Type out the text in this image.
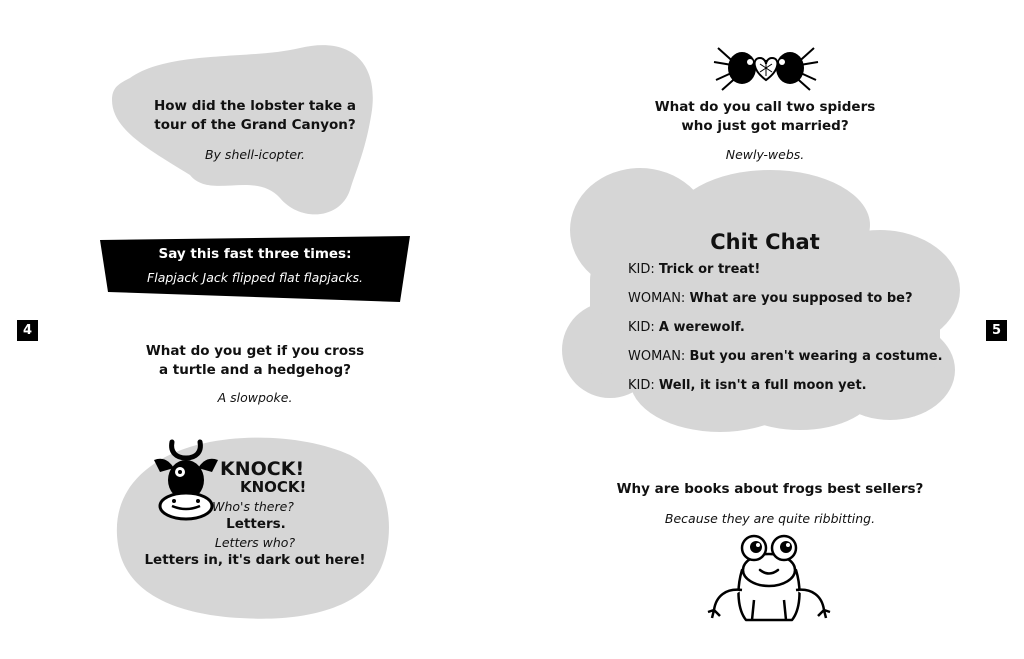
How did the lobster take a
tour of the Grand Canyon?
By shell-icopter.
Say this fast three times:
Flapjack Jack flipped flat flapjacks.
4
What do you get if you cross
a turtle and a hedgehog?
A slowpoke.
KNOCK!
KNOCK!
Who's there?
Letters.
Letters who?
Letters in, it's dark out here!
What do you call two spiders
who just got married?
Newly-webs.
Chit Chat
KID: Trick or treat!
WOMAN: What are you supposed to be?
KID: A werewolf.
WOMAN: But you aren't wearing a costume.
KID: Well, it isn't a full moon yet.
5
Why are books about frogs best sellers?
Because they are quite ribbitting.
